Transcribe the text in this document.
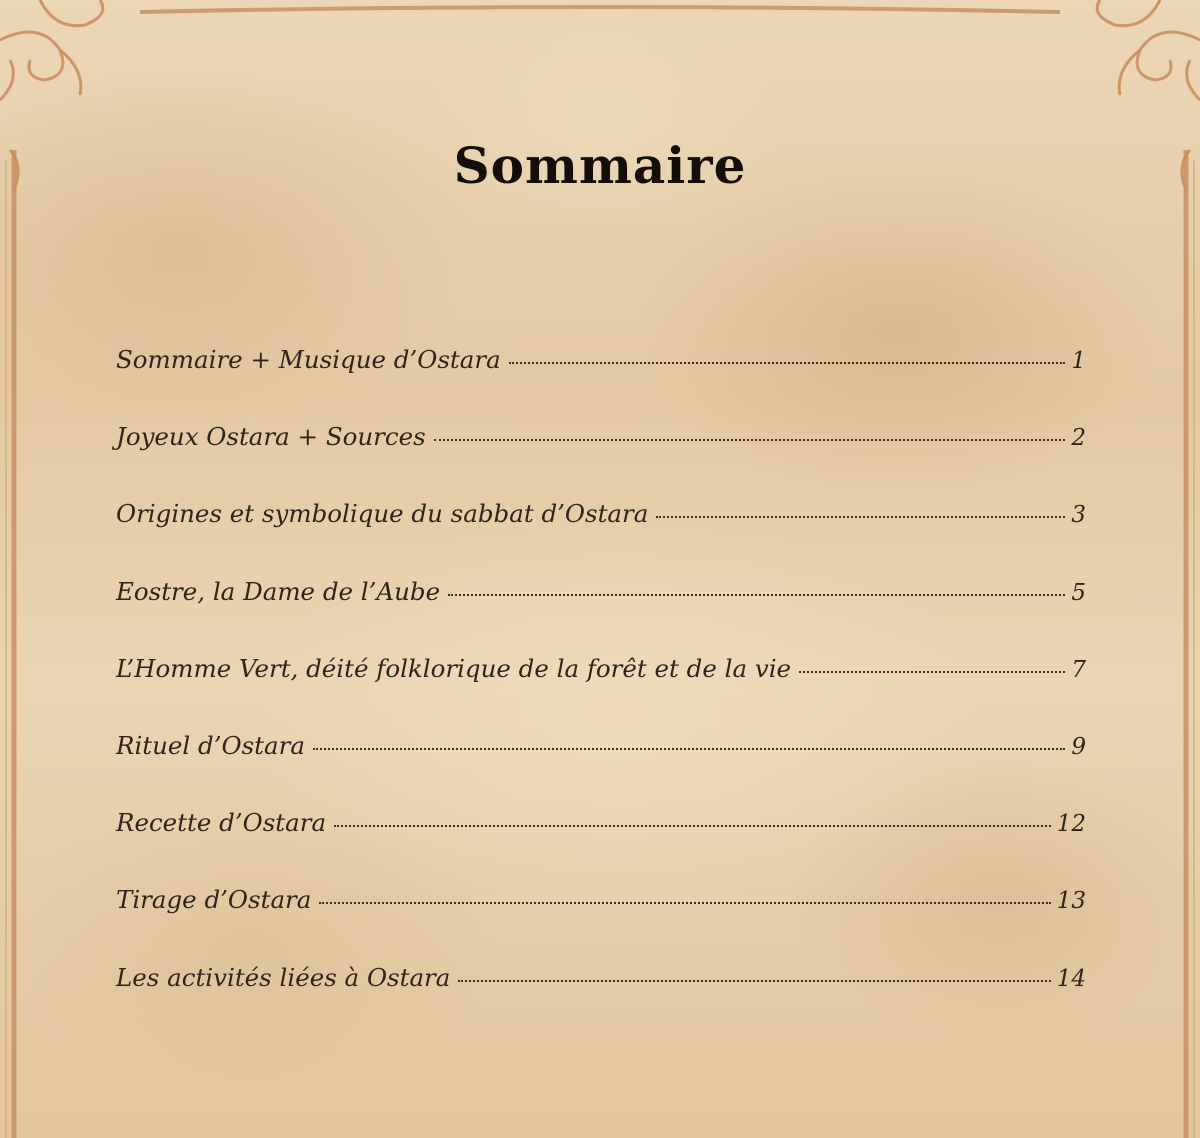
Sommaire
Sommaire + Musique d’Ostara	1
Joyeux Ostara + Sources	2
Origines et symbolique du sabbat d’Ostara	3
Eostre, la Dame de l’Aube	5
L’Homme Vert, déité folklorique de la forêt et de la vie	7
Rituel d’Ostara	9
Recette d’Ostara	12
Tirage d’Ostara	13
Les activités liées à Ostara	14
